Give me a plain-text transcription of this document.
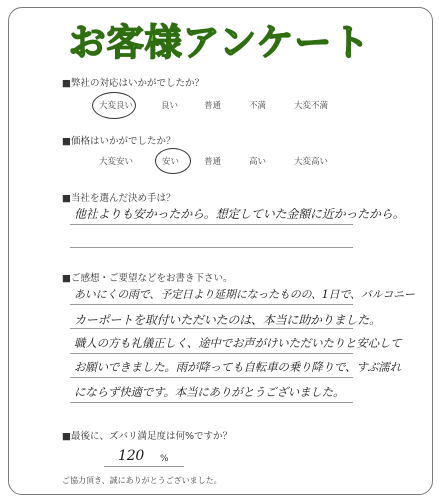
お客様アンケート
■弊社の対応はいかがでしたか？
大変良い	良い	普通	不満	大変不満
■価格はいかがでしたか？
大変安い	安い	普通	高い	大変高い
■当社を選んだ決め手は？
他社よりも安かったから。想定していた金額に近かったから。
■ご感想・ご要望などをお書き下さい。
あいにくの雨で、予定日より延期になったものの、1日で、バルコニー
カーポートを取付いただいたのは、本当に助かりました。
職人の方も礼儀正しく、途中でお声がけいただいたりと安心して
お願いできました。雨が降っても自転車の乗り降りで、すぶ濡れ
にならず快適です。本当にありがとうございました。
■最後に、ズバリ満足度は何%ですか？
120 %
ご協力頂き、誠にありがとうございました。
